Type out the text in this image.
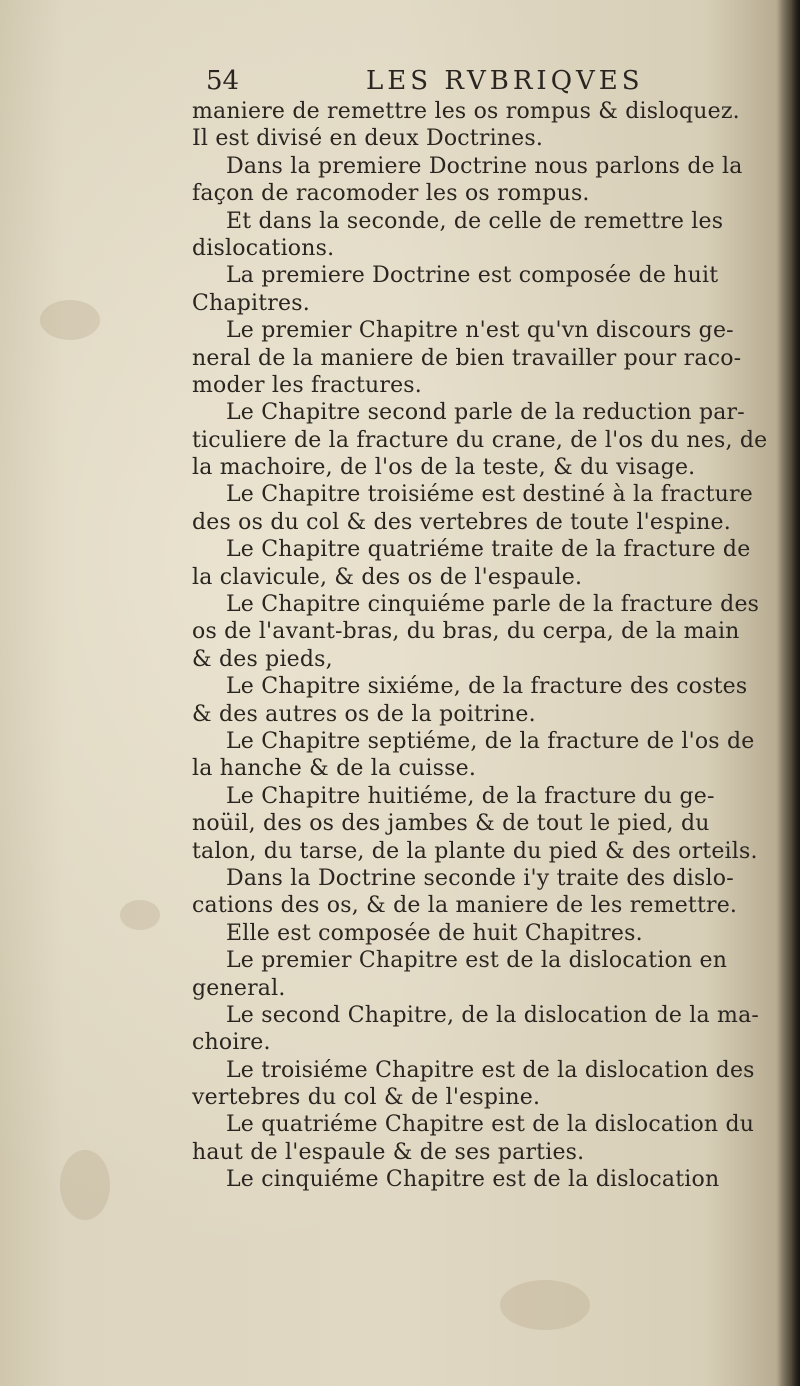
54	LES RVBRIQVES
maniere de remettre les os rompus & disloquez.
Il est divisé en deux Doctrines.
Dans la premiere Doctrine nous parlons de la
façon de racomoder les os rompus.
Et dans la seconde, de celle de remettre les
dislocations.
La premiere Doctrine est composée de huit
Chapitres.
Le premier Chapitre n'est qu'vn discours ge-
neral de la maniere de bien travailler pour raco-
moder les fractures.
Le Chapitre second parle de la reduction par-
ticuliere de la fracture du crane, de l'os du nes, de
la machoire, de l'os de la teste, & du visage.
Le Chapitre troisiéme est destiné à la fracture
des os du col & des vertebres de toute l'espine.
Le Chapitre quatriéme traite de la fracture de
la clavicule, & des os de l'espaule.
Le Chapitre cinquiéme parle de la fracture des
os de l'avant-bras, du bras, du cerpa, de la main
& des pieds,
Le Chapitre sixiéme, de la fracture des costes
& des autres os de la poitrine.
Le Chapitre septiéme, de la fracture de l'os de
la hanche & de la cuisse.
Le Chapitre huitiéme, de la fracture du ge-
noüil, des os des jambes & de tout le pied, du
talon, du tarse, de la plante du pied & des orteils.
Dans la Doctrine seconde i'y traite des dislo-
cations des os, & de la maniere de les remettre.
Elle est composée de huit Chapitres.
Le premier Chapitre est de la dislocation en
general.
Le second Chapitre, de la dislocation de la ma-
choire.
Le troisiéme Chapitre est de la dislocation des
vertebres du col & de l'espine.
Le quatriéme Chapitre est de la dislocation du
haut de l'espaule & de ses parties.
Le cinquiéme Chapitre est de la dislocation
